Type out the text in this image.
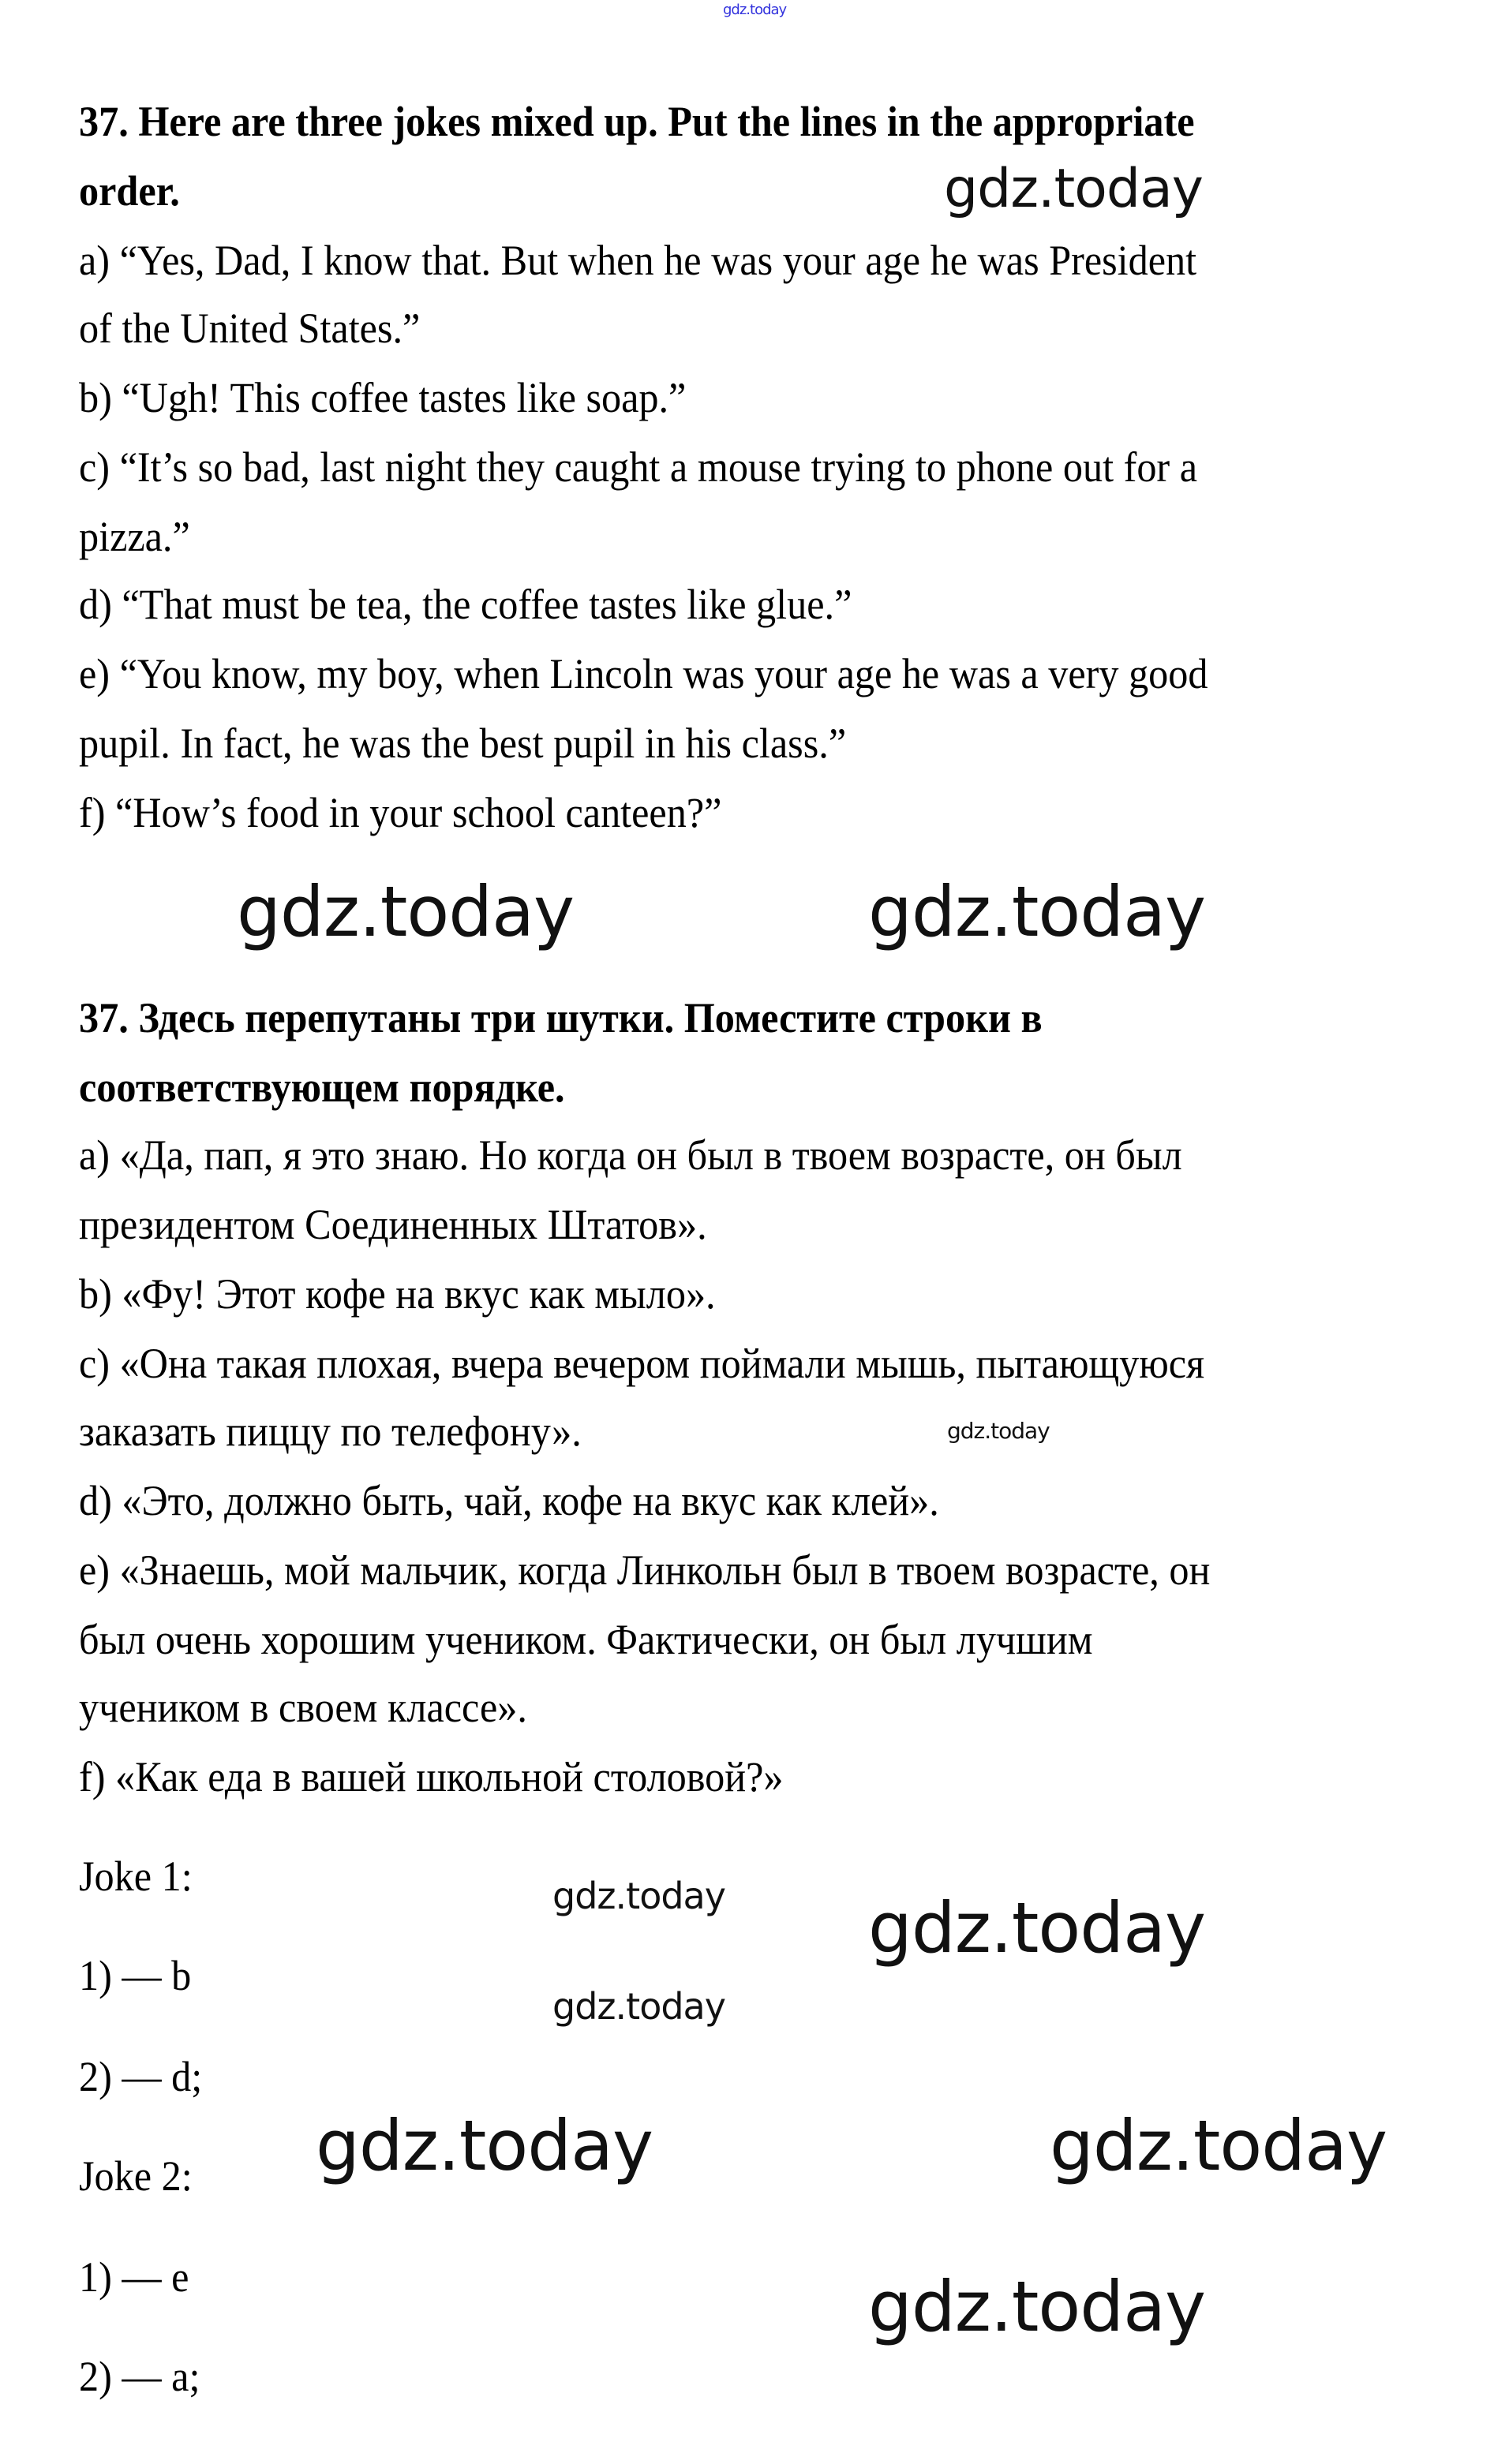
gdz.today
37. Here are three jokes mixed up. Put the lines in the appropriate
order.
a) “Yes, Dad, I know that. But when he was your age he was President
of the United States.”
b) “Ugh! This coffee tastes like soap.”
c) “It’s so bad, last night they caught a mouse trying to phone out for a
pizza.”
d) “That must be tea, the coffee tastes like glue.”
e) “You know, my boy, when Lincoln was your age he was a very good
pupil. In fact, he was the best pupil in his class.”
f) “How’s food in your school canteen?”
37. Здесь перепутаны три шутки. Поместите строки в
соответствующем порядке.
a) «Да, пап, я это знаю. Но когда он был в твоем возрасте, он был
президентом Соединенных Штатов».
b) «Фу! Этот кофе на вкус как мыло».
c) «Она такая плохая, вчера вечером поймали мышь, пытающуюся
заказать пиццу по телефону».
d) «Это, должно быть, чай, кофе на вкус как клей».
e) «Знаешь, мой мальчик, когда Линкольн был в твоем возрасте, он
был очень хорошим учеником. Фактически, он был лучшим
учеником в своем классе».
f) «Как еда в вашей школьной столовой?»
Joke 1:
1) — b
2) — d;
Joke 2:
1) — e
2) — a;
gdz.today
gdz.today	gdz.today
gdz.today
gdz.today
gdz.today
gdz.today gdz.today
gdz.today	gdz.today
